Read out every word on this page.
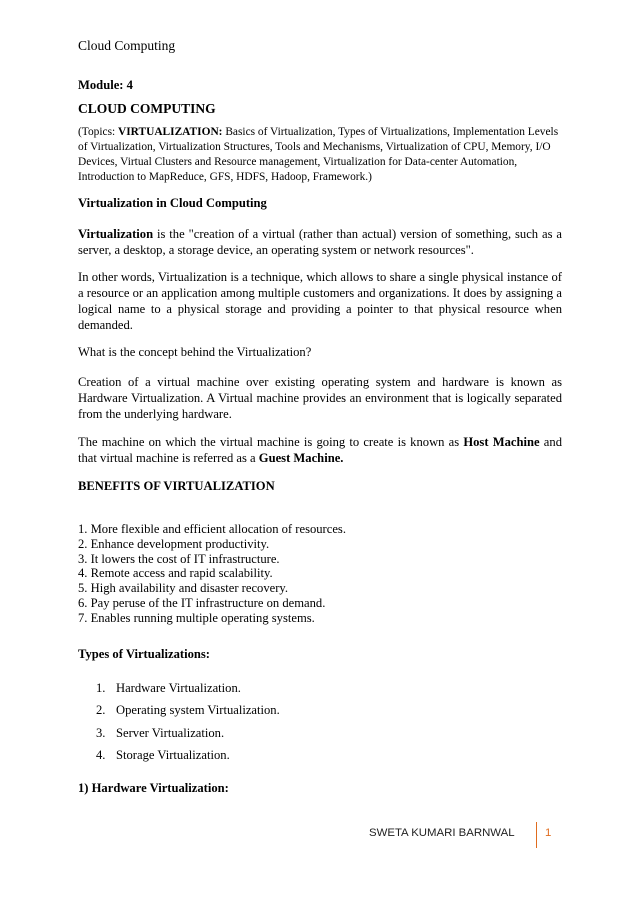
Cloud Computing
Module: 4
CLOUD COMPUTING

(Topics: VIRTUALIZATION: Basics of Virtualization, Types of Virtualizations, Implementation Levels of Virtualization, Virtualization Structures, Tools and Mechanisms, Virtualization of CPU, Memory, I/O Devices, Virtual Clusters and Resource management, Virtualization for Data-center Automation, Introduction to MapReduce, GFS, HDFS, Hadoop, Framework.)

Virtualization in Cloud Computing

Virtualization is the "creation of a virtual (rather than actual) version of something, such as a server, a desktop, a storage device, an operating system or network resources".

In other words, Virtualization is a technique, which allows to share a single physical instance of a resource or an application among multiple customers and organizations. It does by assigning a logical name to a physical storage and providing a pointer to that physical resource when demanded.

What is the concept behind the Virtualization?

Creation of a virtual machine over existing operating system and hardware is known as Hardware Virtualization. A Virtual machine provides an environment that is logically separated from the underlying hardware.

The machine on which the virtual machine is going to create is known as Host Machine and that virtual machine is referred as a Guest Machine.

BENEFITS OF VIRTUALIZATION
1. More flexible and efficient allocation of resources.
2. Enhance development productivity.
3. It lowers the cost of IT infrastructure.
4. Remote access and rapid scalability.
5. High availability and disaster recovery.
6. Pay peruse of the IT infrastructure on demand.
7. Enables running multiple operating systems.
Types of Virtualizations:
1. Hardware Virtualization.
2. Operating system Virtualization.
3. Server Virtualization.
4. Storage Virtualization.
1) Hardware Virtualization:
SWETA KUMARI BARNWAL	1
